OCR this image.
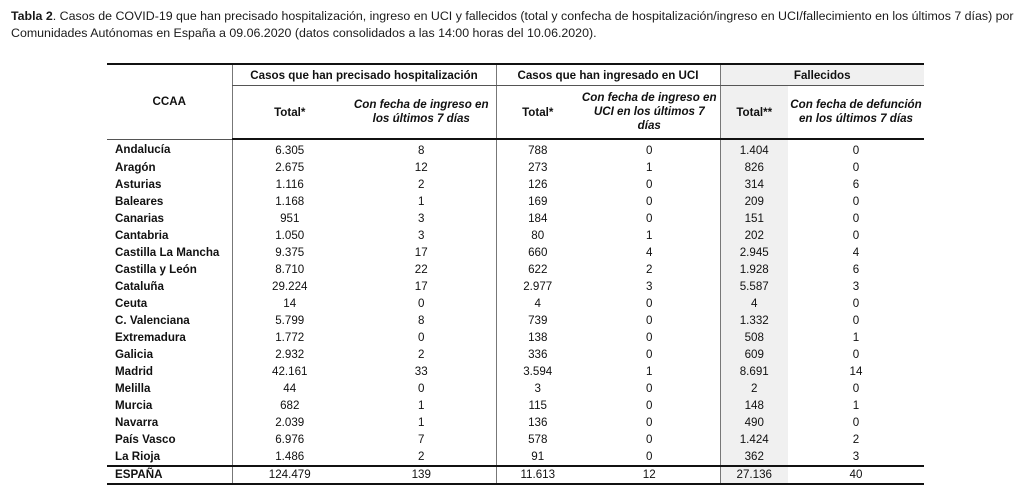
Tabla 2. Casos de COVID-19 que han precisado hospitalización, ingreso en UCI y fallecidos (total y confecha de hospitalización/ingreso en UCI/fallecimiento en los últimos 7 días) por Comunidades Autónomas en España a 09.06.2020 (datos consolidados a las 14:00 horas del 10.06.2020).
CCAA	Casos que han precisado hospitalización		Casos que han ingresado en UCI		Fallecidos	
	Total*	Con fecha de ingreso en los últimos 7 días	Total*	Con fecha de ingreso en UCI en los últimos 7 días	Total**	Con fecha de defunción en los últimos 7 días
Andalucía	6.305	8	788	0	1.404	0
Aragón	2.675	12	273	1	826	0
Asturias	1.116	2	126	0	314	6
Baleares	1.168	1	169	0	209	0
Canarias	951	3	184	0	151	0
Cantabria	1.050	3	80	1	202	0
Castilla La Mancha	9.375	17	660	4	2.945	4
Castilla y León	8.710	22	622	2	1.928	6
Cataluña	29.224	17	2.977	3	5.587	3
Ceuta	14	0	4	0	4	0
C. Valenciana	5.799	8	739	0	1.332	0
Extremadura	1.772	0	138	0	508	1
Galicia	2.932	2	336	0	609	0
Madrid	42.161	33	3.594	1	8.691	14
Melilla	44	0	3	0	2	0
Murcia	682	1	115	0	148	1
Navarra	2.039	1	136	0	490	0
País Vasco	6.976	7	578	0	1.424	2
La Rioja	1.486	2	91	0	362	3
ESPAÑA	124.479	139	11.613	12	27.136	40
